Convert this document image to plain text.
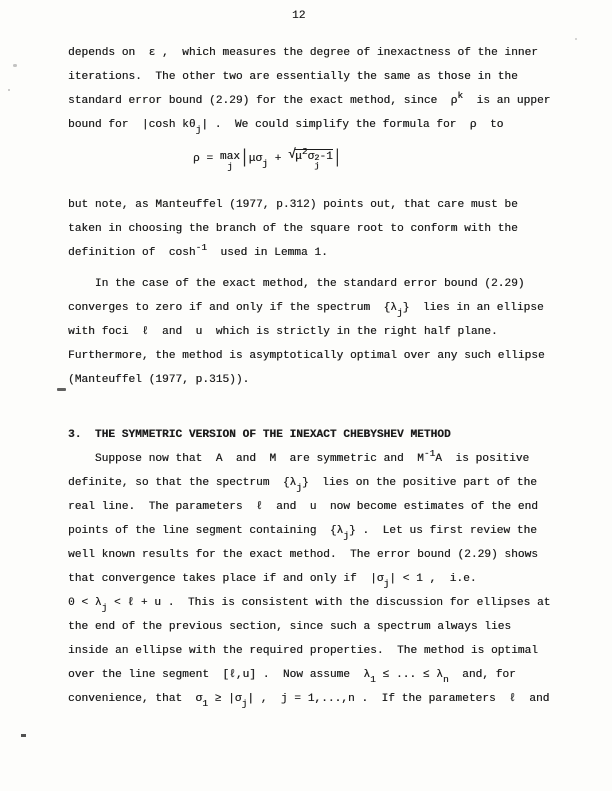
12
depends on  ε ,  which measures the degree of inexactness of the inner
iterations.  The other two are essentially the same as those in the
standard error bound (2.29) for the exact method, since  $\rho^k$  is an upper
bound for  |cosh $k\theta_j|$ .  We could simplify the formula for  ρ  to
ρ = max
j | μσ j + √ $\mu^2\sigma$ 2
j
-1 |
but note, as Manteuffel (1977, p.312) points out, that care must be
taken in choosing the branch of the square root to conform with the
definition of  $\cosh^{-1}$  used in Lemma 1.
In the case of the exact method, the standard error bound (2.29)
converges to zero if and only if the spectrum  $\{\lambda_j\}$  lies in an ellipse
with foci  ℓ  and  u  which is strictly in the right half plane.
Furthermore, the method is asymptotically optimal over any such ellipse
(Manteuffel (1977, p.315)).
3.  THE SYMMETRIC VERSION OF THE INEXACT CHEBYSHEV METHOD
Suppose now that  A  and  M  are symmetric and  $M^{-1}A$  is positive
definite, so that the spectrum  $\{\lambda_j\}$  lies on the positive part of the
real line.  The parameters  ℓ  and  u  now become estimates of the end
points of the line segment containing  $\{\lambda_j\}$ .  Let us first review the
well known results for the exact method.  The error bound (2.29) shows
that convergence takes place if and only if  $|\sigma_j| < 1$ ,  i.e.
$0 < \lambda_j$ < ℓ + u .  This is consistent with the discussion for ellipses at
the end of the previous section, since such a spectrum always lies
inside an ellipse with the required properties.  The method is optimal
over the line segment  [ℓ,u] .  Now assume  $\lambda_1$ ≤ ... ≤ $\lambda_n$  and, for
convenience, that  $\sigma_1 \ge |\sigma_j|$ ,  j = 1,...,n .  If the parameters  ℓ  and
